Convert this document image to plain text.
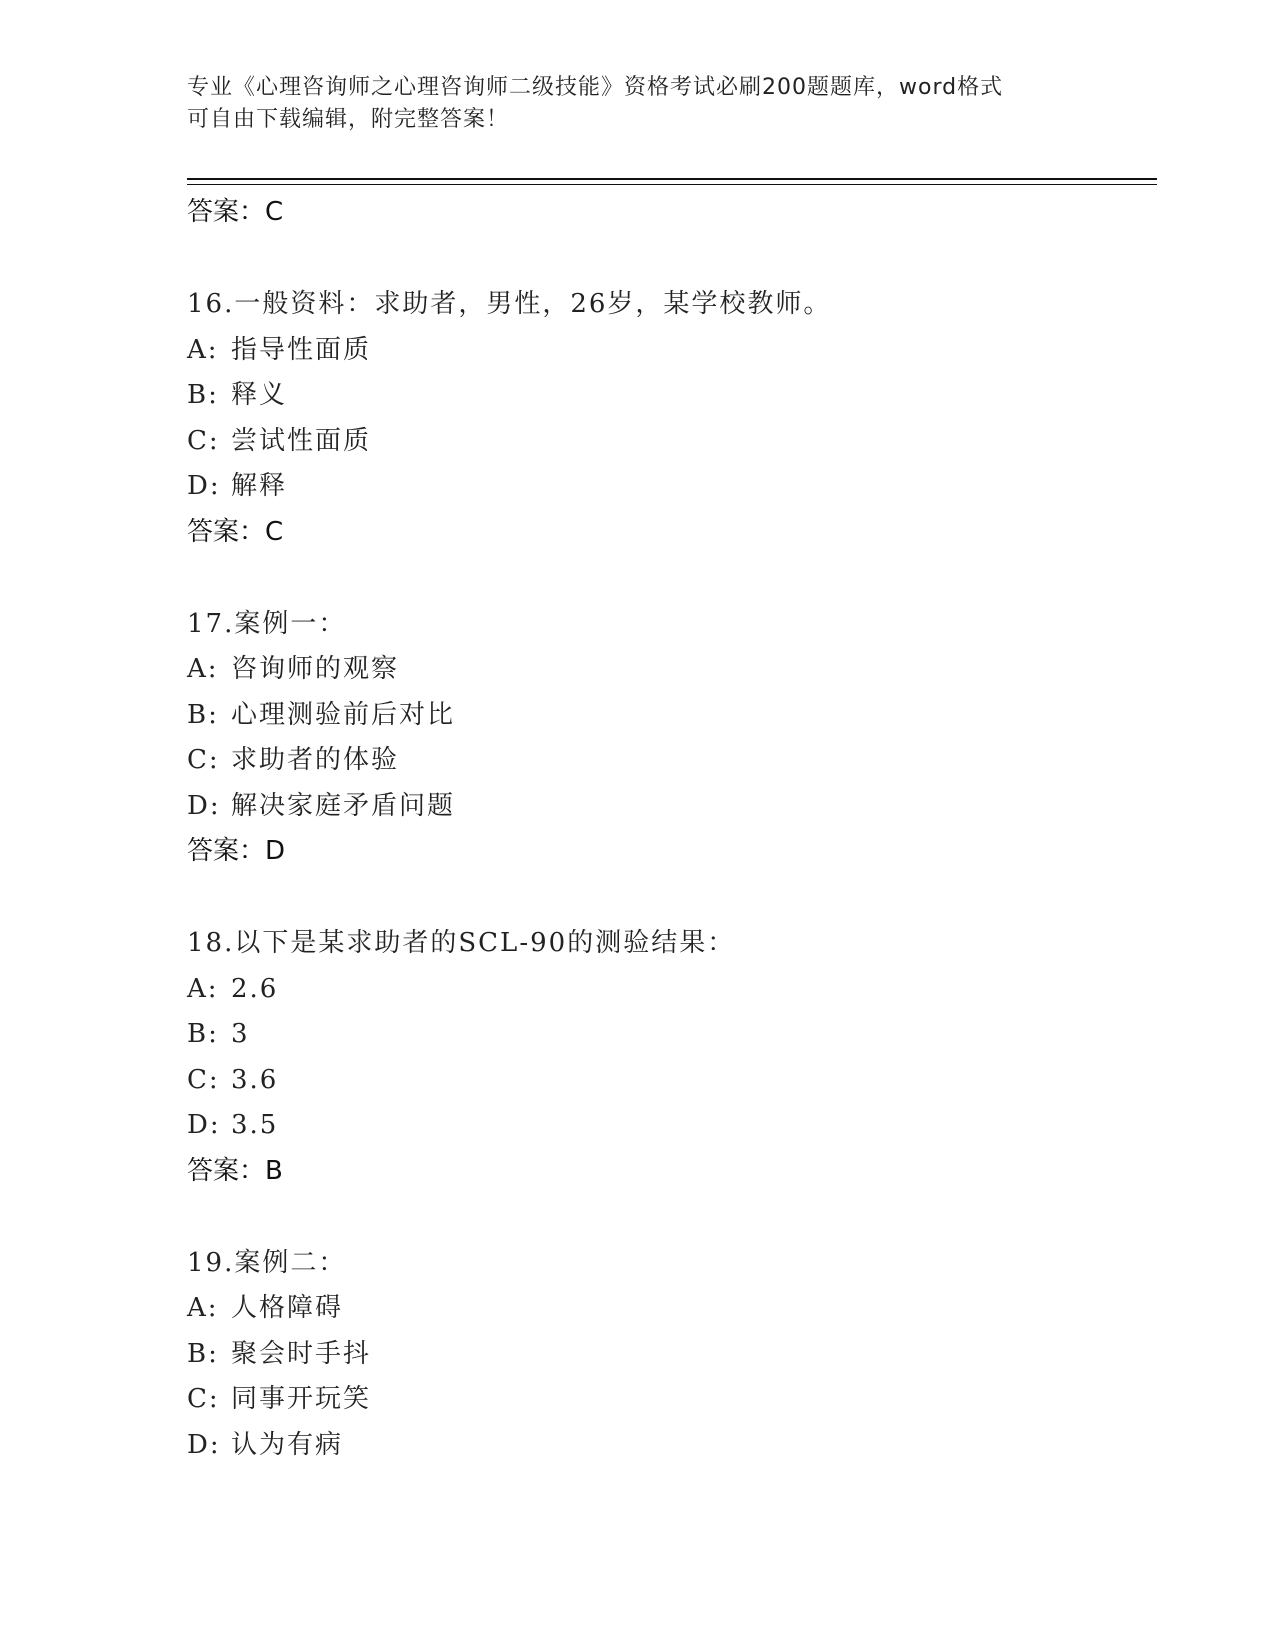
专业《心理咨询师之心理咨询师二级技能》资格考试必刷200题题库，word格式
可自由下载编辑，附完整答案！
答案：C
16.一般资料：求助者，男性，26岁，某学校教师。
A: 指导性面质
B: 释义
C: 尝试性面质
D: 解释
答案：C
17.案例一：
A: 咨询师的观察
B: 心理测验前后对比
C: 求助者的体验
D: 解决家庭矛盾问题
答案：D
18.以下是某求助者的SCL-90的测验结果：
A: 2.6
B: 3
C: 3.6
D: 3.5
答案：B
19.案例二：
A: 人格障碍
B: 聚会时手抖
C: 同事开玩笑
D: 认为有病
